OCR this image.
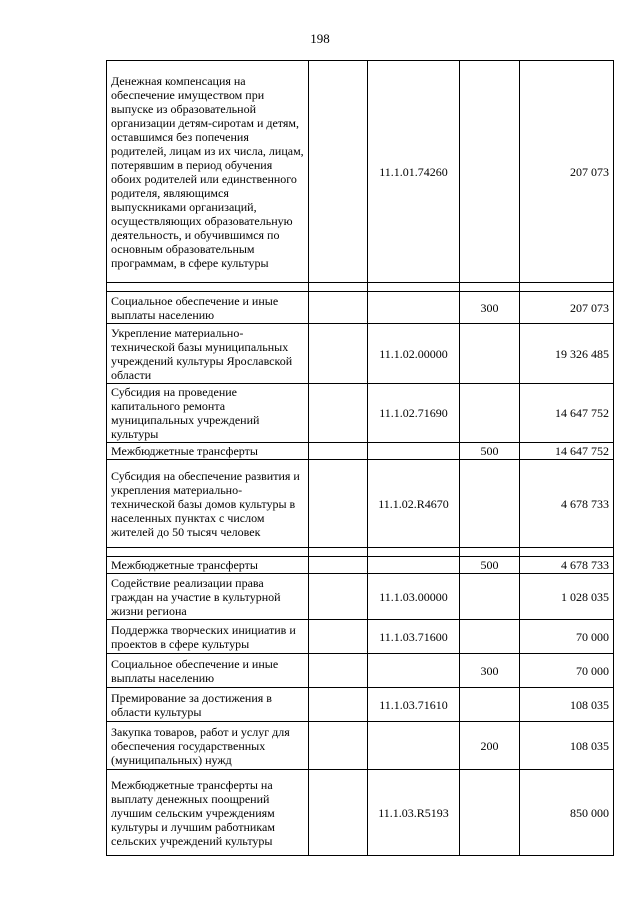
198
Денежная компенсация на обеспечение имуществом при выпуске из образовательной организации детям-сиротам и детям, оставшимся без попечения родителей, лицам из их числа, лицам, потерявшим в период обучения обоих родителей или единственного родителя, являющимся выпускниками организаций, осуществляющих образовательную деятельность, и обучившимся по основным образовательным программам, в сфере культуры		11.1.01.74260		207 073

Социальное обеспечение и иные выплаты населению			300	207 073
Укрепление материально-технической базы муниципальных учреждений культуры Ярославской области		11.1.02.00000		19 326 485
Субсидия на проведение капитального ремонта муниципальных учреждений культуры		11.1.02.71690		14 647 752
Межбюджетные трансферты			500	14 647 752
Субсидия на обеспечение развития и укрепления материально-технической базы домов культуры в населенных пунктах с числом жителей до 50 тысяч человек		11.1.02.R4670		4 678 733

Межбюджетные трансферты			500	4 678 733
Содействие реализации права граждан на участие в культурной жизни региона		11.1.03.00000		1 028 035
Поддержка творческих инициатив и проектов в сфере культуры		11.1.03.71600		70 000
Социальное обеспечение и иные выплаты населению			300	70 000
Премирование за достижения в области культуры		11.1.03.71610		108 035
Закупка товаров, работ и услуг для обеспечения государственных (муниципальных) нужд			200	108 035
Межбюджетные трансферты на выплату денежных поощрений лучшим сельским учреждениям культуры и лучшим работникам сельских учреждений культуры		11.1.03.R5193		850 000
